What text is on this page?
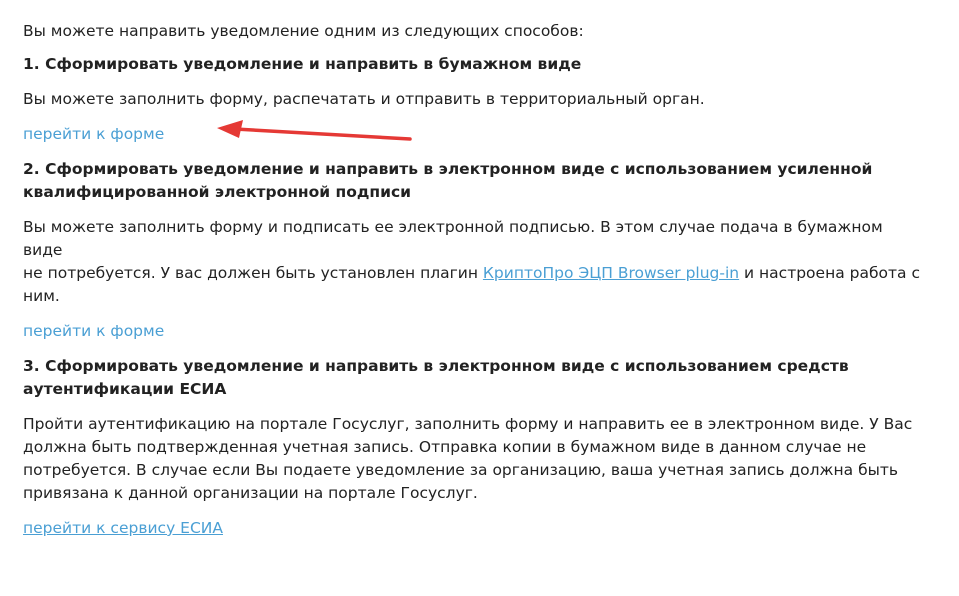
Вы можете направить уведомление одним из следующих способов:

1. Сформировать уведомление и направить в бумажном виде

Вы можете заполнить форму, распечатать и отправить в территориальный орган.

перейти к форме

2. Сформировать уведомление и направить в электронном виде с использованием усиленной
квалифицированной электронной подписи

Вы можете заполнить форму и подписать ее электронной подписью. В этом случае подача в бумажном виде
не потребуется. У вас должен быть установлен плагин КриптоПро ЭЦП Browser plug-in и настроена работа с
ним.

перейти к форме

3. Сформировать уведомление и направить в электронном виде с использованием средств
аутентификации ЕСИА

Пройти аутентификацию на портале Госуслуг, заполнить форму и направить ее в электронном виде. У Вас
должна быть подтвержденная учетная запись. Отправка копии в бумажном виде в данном случае не
потребуется. В случае если Вы подаете уведомление за организацию, ваша учетная запись должна быть
привязана к данной организации на портале Госуслуг.

перейти к сервису ЕСИА
